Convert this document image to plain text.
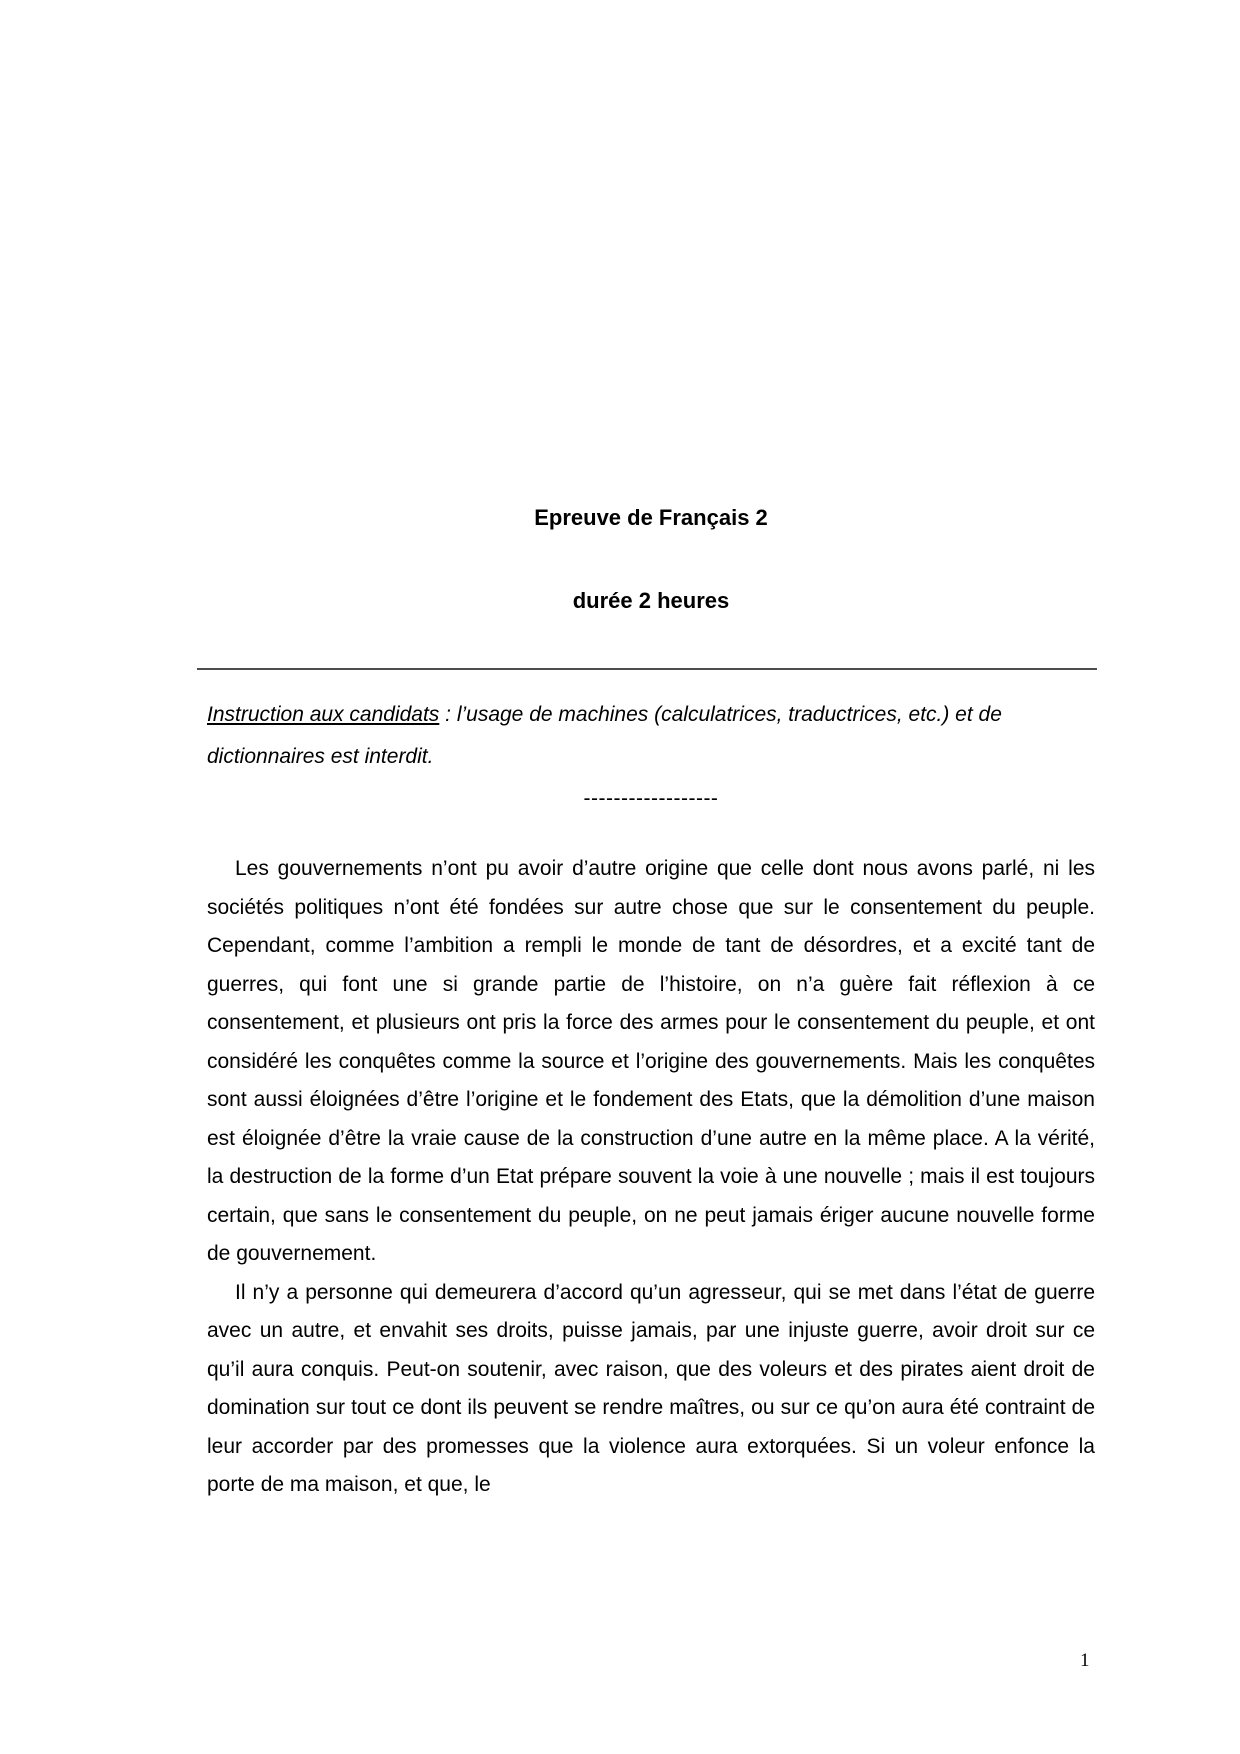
Epreuve de Français 2
durée 2 heures

Instruction aux candidats : l’usage de machines (calculatrices, traductrices, etc.) et de dictionnaires est interdit.

------------------

Les gouvernements n’ont pu avoir d’autre origine que celle dont nous avons parlé, ni les sociétés politiques n’ont été fondées sur autre chose que sur le consentement du peuple. Cependant, comme l’ambition a rempli le monde de tant de désordres, et a excité tant de guerres, qui font une si grande partie de l’histoire, on n’a guère fait réflexion à ce consentement, et plusieurs ont pris la force des armes pour le consentement du peuple, et ont considéré les conquêtes comme la source et l’origine des gouvernements. Mais les conquêtes sont aussi éloignées d’être l’origine et le fondement des Etats, que la démolition d’une maison est éloignée d’être la vraie cause de la construction d’une autre en la même place. A la vérité, la destruction de la forme d’un Etat prépare souvent la voie à une nouvelle ; mais il est toujours certain, que sans le consentement du peuple, on ne peut jamais ériger aucune nouvelle forme de gouvernement.

Il n’y a personne qui demeurera d’accord qu’un agresseur, qui se met dans l’état de guerre avec un autre, et envahit ses droits, puisse jamais, par une injuste guerre, avoir droit sur ce qu’il aura conquis. Peut-on soutenir, avec raison, que des voleurs et des pirates aient droit de domination sur tout ce dont ils peuvent se rendre maîtres, ou sur ce qu’on aura été contraint de leur accorder par des promesses que la violence aura extorquées. Si un voleur enfonce la porte de ma maison, et que, le

1
